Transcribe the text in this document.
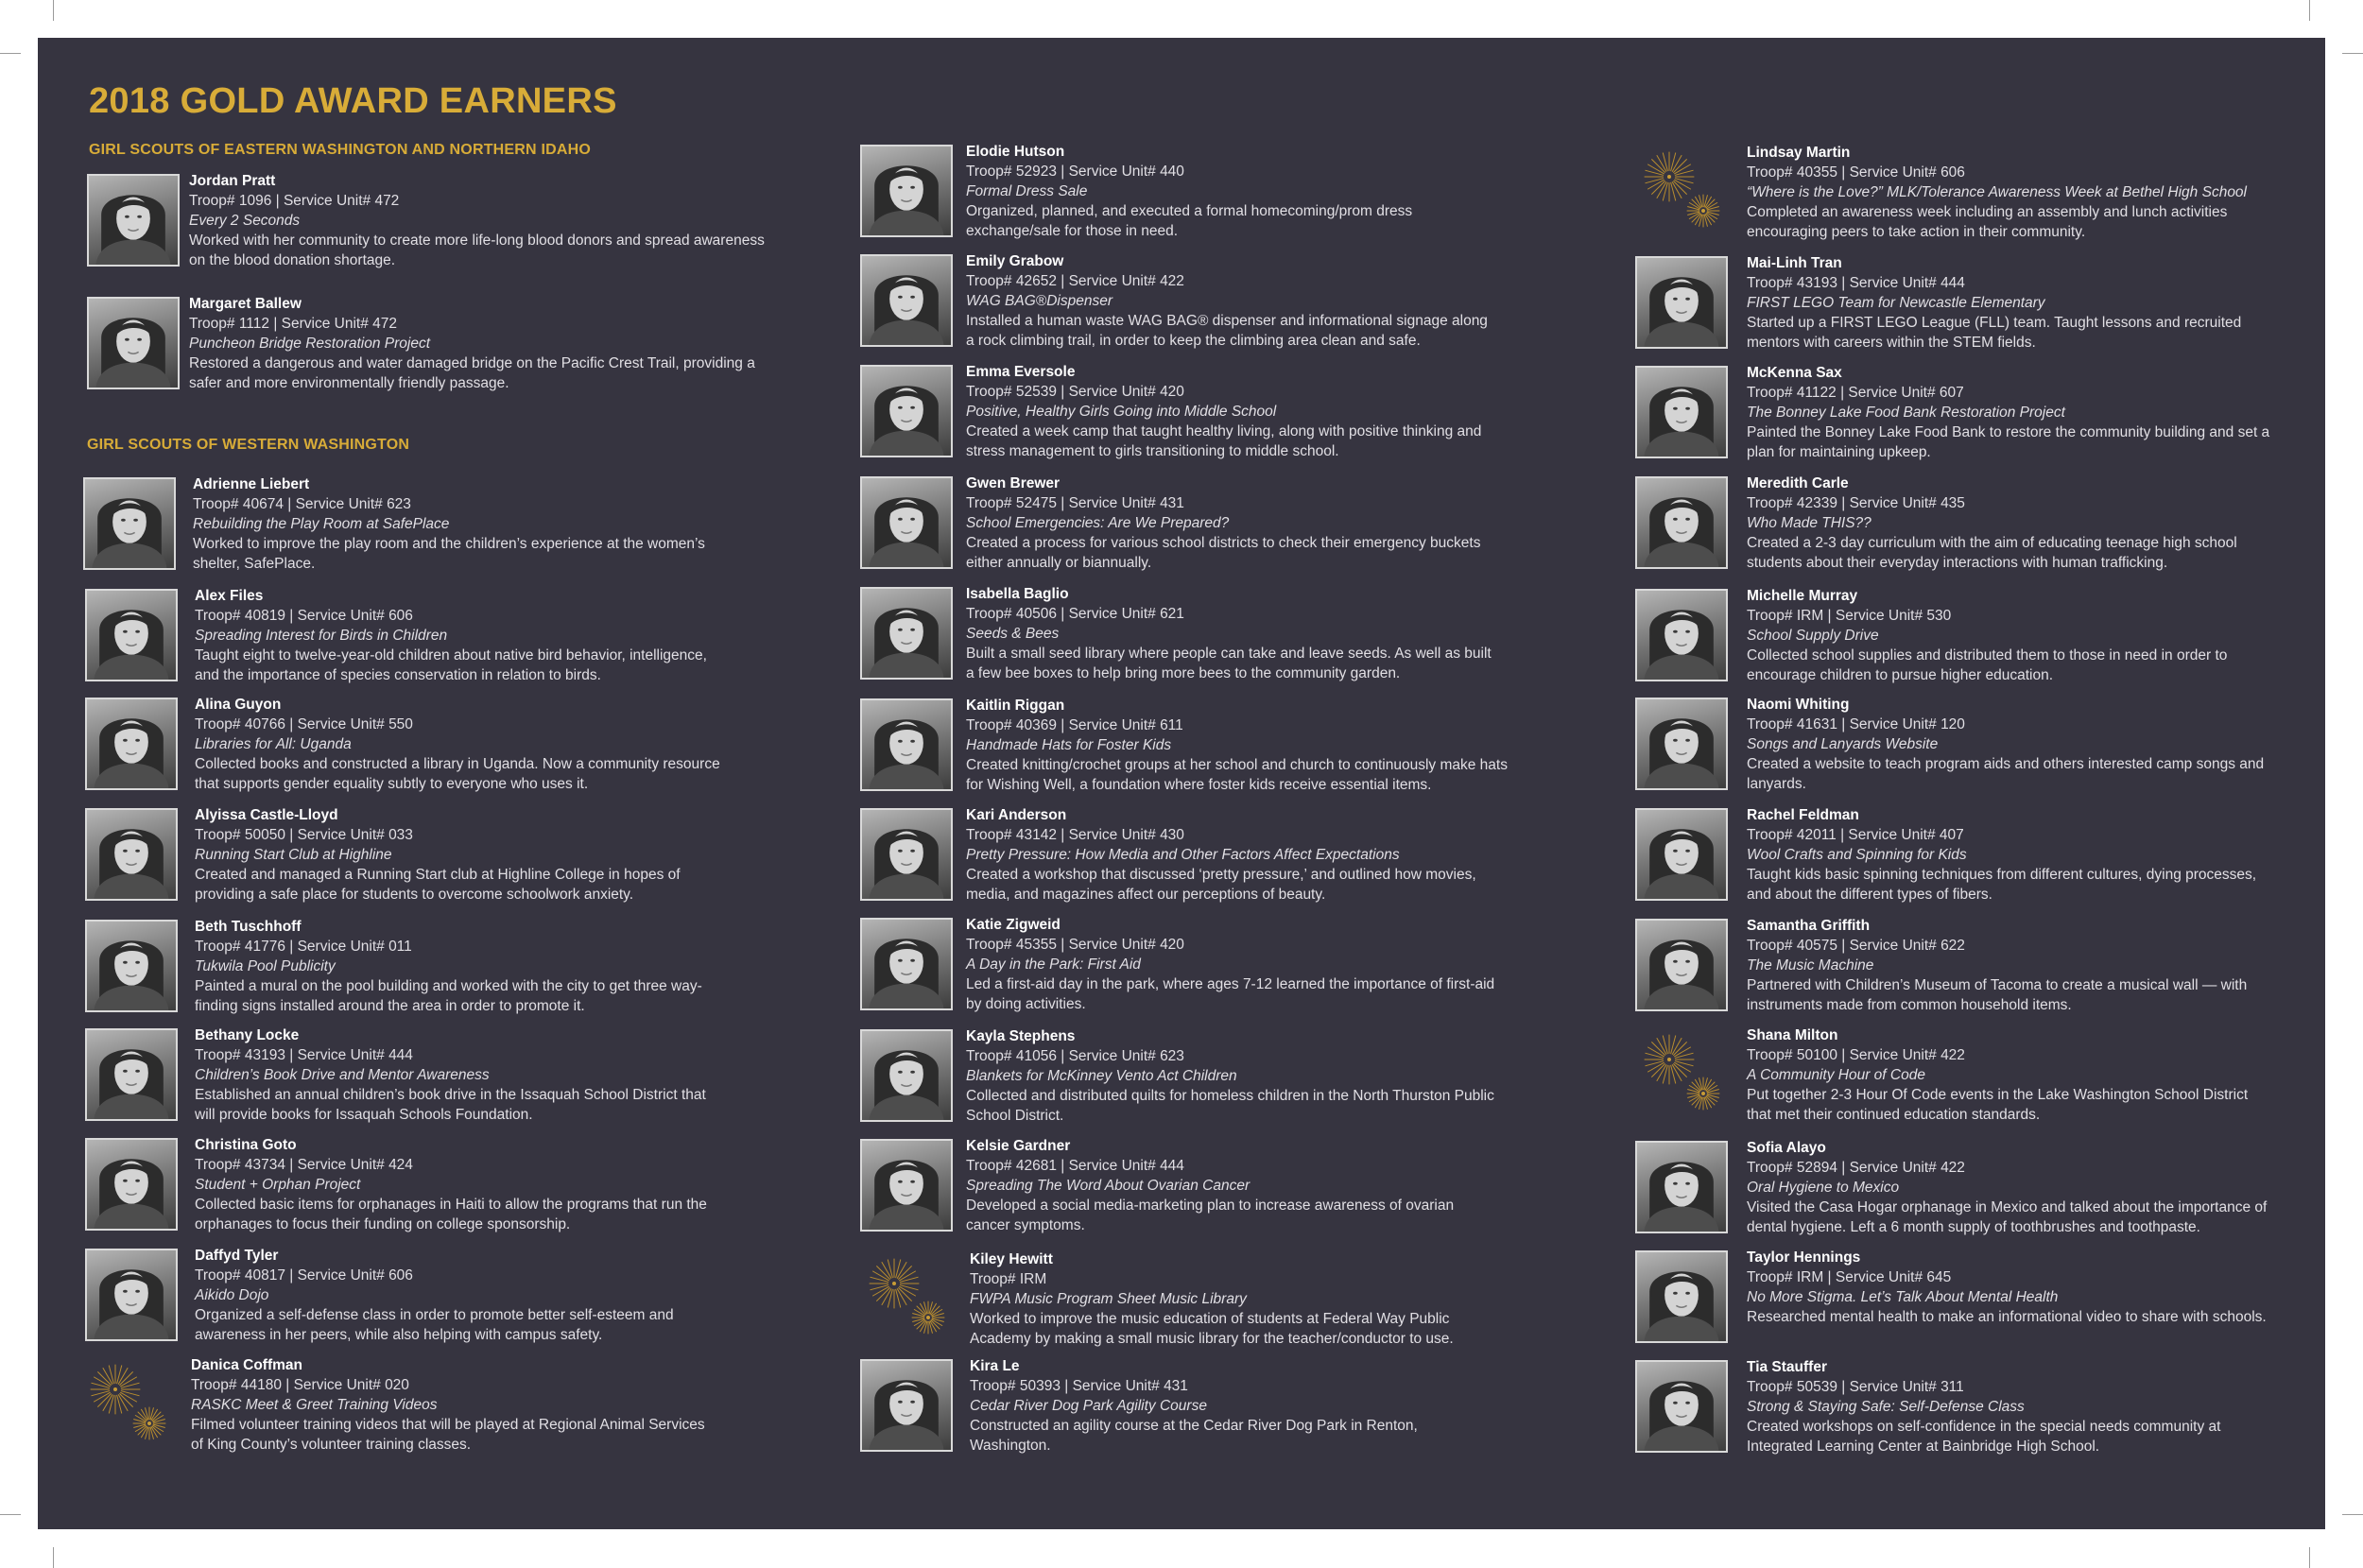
2018 GOLD AWARD EARNERS
GIRL SCOUTS OF EASTERN WASHINGTON AND NORTHERN IDAHO
GIRL SCOUTS OF WESTERN WASHINGTON
Jordan Pratt
Troop# 1096 | Service Unit# 472
Every 2 Seconds
Worked with her community to create more life-long blood donors and spread awareness on the blood donation shortage.
Margaret Ballew
Troop# 1112 | Service Unit# 472
Puncheon Bridge Restoration Project
Restored a dangerous and water damaged bridge on the Pacific Crest Trail, providing a safer and more environmentally friendly passage.
Adrienne Liebert
Troop# 40674 | Service Unit# 623
Rebuilding the Play Room at SafePlace
Worked to improve the play room and the children’s experience at the women’s shelter, SafePlace.
Alex Files
Troop# 40819 | Service Unit# 606
Spreading Interest for Birds in Children
Taught eight to twelve-year-old children about native bird behavior, intelligence, and the importance of species conservation in relation to birds.
Alina Guyon
Troop# 40766 | Service Unit# 550
Libraries for All: Uganda
Collected books and constructed a library in Uganda. Now a community resource that supports gender equality subtly to everyone who uses it.
Alyissa Castle-Lloyd
Troop# 50050 | Service Unit# 033
Running Start Club at Highline
Created and managed a Running Start club at Highline College in hopes of providing a safe place for students to overcome schoolwork anxiety.
Beth Tuschhoff
Troop# 41776 | Service Unit# 011
Tukwila Pool Publicity
Painted a mural on the pool building and worked with the city to get three way-finding signs installed around the area in order to promote it.
Bethany Locke
Troop# 43193 | Service Unit# 444
Children’s Book Drive and Mentor Awareness
Established an annual children’s book drive in the Issaquah School District that will provide books for Issaquah Schools Foundation.
Christina Goto
Troop# 43734 | Service Unit# 424
Student + Orphan Project
Collected basic items for orphanages in Haiti to allow the programs that run the orphanages to focus their funding on college sponsorship.
Daffyd Tyler
Troop# 40817 | Service Unit# 606
Aikido Dojo
Organized a self-defense class in order to promote better self-esteem and awareness in her peers, while also helping with campus safety.
Danica Coffman
Troop# 44180 | Service Unit# 020
RASKC Meet & Greet Training Videos
Filmed volunteer training videos that will be played at Regional Animal Services of King County’s volunteer training classes.
Elodie Hutson
Troop# 52923 | Service Unit# 440
Formal Dress Sale
Organized, planned, and executed a formal homecoming/prom dress exchange/sale for those in need.
Emily Grabow
Troop# 42652 | Service Unit# 422
WAG BAG®Dispenser
Installed a human waste WAG BAG® dispenser and informational signage along a rock climbing trail, in order to keep the climbing area clean and safe.
Emma Eversole
Troop# 52539 | Service Unit# 420
Positive, Healthy Girls Going into Middle School
Created a week camp that taught healthy living, along with positive thinking and stress management to girls transitioning to middle school.
Gwen Brewer
Troop# 52475 | Service Unit# 431
School Emergencies: Are We Prepared?
Created a process for various school districts to check their emergency buckets either annually or biannually.
Isabella Baglio
Troop# 40506 | Service Unit# 621
Seeds & Bees
Built a small seed library where people can take and leave seeds. As well as built a few bee boxes to help bring more bees to the community garden.
Kaitlin Riggan
Troop# 40369 | Service Unit# 611
Handmade Hats for Foster Kids
Created knitting/crochet groups at her school and church to continuously make hats for Wishing Well, a foundation where foster kids receive essential items.
Kari Anderson
Troop# 43142 | Service Unit# 430
Pretty Pressure: How Media and Other Factors Affect Expectations
Created a workshop that discussed ‘pretty pressure,’ and outlined how movies, media, and magazines affect our perceptions of beauty.
Katie Zigweid
Troop# 45355 | Service Unit# 420
A Day in the Park: First Aid
Led a first-aid day in the park, where ages 7-12 learned the importance of first-aid by doing activities.
Kayla Stephens
Troop# 41056 | Service Unit# 623
Blankets for McKinney Vento Act Children
Collected and distributed quilts for homeless children in the North Thurston Public School District.
Kelsie Gardner
Troop# 42681 | Service Unit# 444
Spreading The Word About Ovarian Cancer
Developed a social media-marketing plan to increase awareness of ovarian cancer symptoms.
Kiley Hewitt
Troop# IRM
FWPA Music Program Sheet Music Library
Worked to improve the music education of students at Federal Way Public Academy by making a small music library for the teacher/conductor to use.
Kira Le
Troop# 50393 | Service Unit# 431
Cedar River Dog Park Agility Course
Constructed an agility course at the Cedar River Dog Park in Renton, Washington.
Lindsay Martin
Troop# 40355 | Service Unit# 606
“Where is the Love?” MLK/Tolerance Awareness Week at Bethel High School
Completed an awareness week including an assembly and lunch activities encouraging peers to take action in their community.
Mai-Linh Tran
Troop# 43193 | Service Unit# 444
FIRST LEGO Team for Newcastle Elementary
Started up a FIRST LEGO League (FLL) team. Taught lessons and recruited mentors with careers within the STEM fields.
McKenna Sax
Troop# 41122 | Service Unit# 607
The Bonney Lake Food Bank Restoration Project
Painted the Bonney Lake Food Bank to restore the community building and set a plan for maintaining upkeep.
Meredith Carle
Troop# 42339 | Service Unit# 435
Who Made THIS??
Created a 2-3 day curriculum with the aim of educating teenage high school students about their everyday interactions with human trafficking.
Michelle Murray
Troop# IRM | Service Unit# 530
School Supply Drive
Collected school supplies and distributed them to those in need in order to encourage children to pursue higher education.
Naomi Whiting
Troop# 41631 | Service Unit# 120
Songs and Lanyards Website
Created a website to teach program aids and others interested camp songs and lanyards.
Rachel Feldman
Troop# 42011 | Service Unit# 407
Wool Crafts and Spinning for Kids
Taught kids basic spinning techniques from different cultures, dying processes, and about the different types of fibers.
Samantha Griffith
Troop# 40575 | Service Unit# 622
The Music Machine
Partnered with Children’s Museum of Tacoma to create a musical wall — with instruments made from common household items.
Shana Milton
Troop# 50100 | Service Unit# 422
A Community Hour of Code
Put together 2-3 Hour Of Code events in the Lake Washington School District that met their continued education standards.
Sofia Alayo
Troop# 52894 | Service Unit# 422
Oral Hygiene to Mexico
Visited the Casa Hogar orphanage in Mexico and talked about the importance of dental hygiene. Left a 6 month supply of toothbrushes and toothpaste.
Taylor Hennings
Troop# IRM | Service Unit# 645
No More Stigma. Let’s Talk About Mental Health
Researched mental health to make an informational video to share with schools.
Tia Stauffer
Troop# 50539 | Service Unit# 311
Strong & Staying Safe: Self-Defense Class
Created workshops on self-confidence in the special needs community at Integrated Learning Center at Bainbridge High School.
